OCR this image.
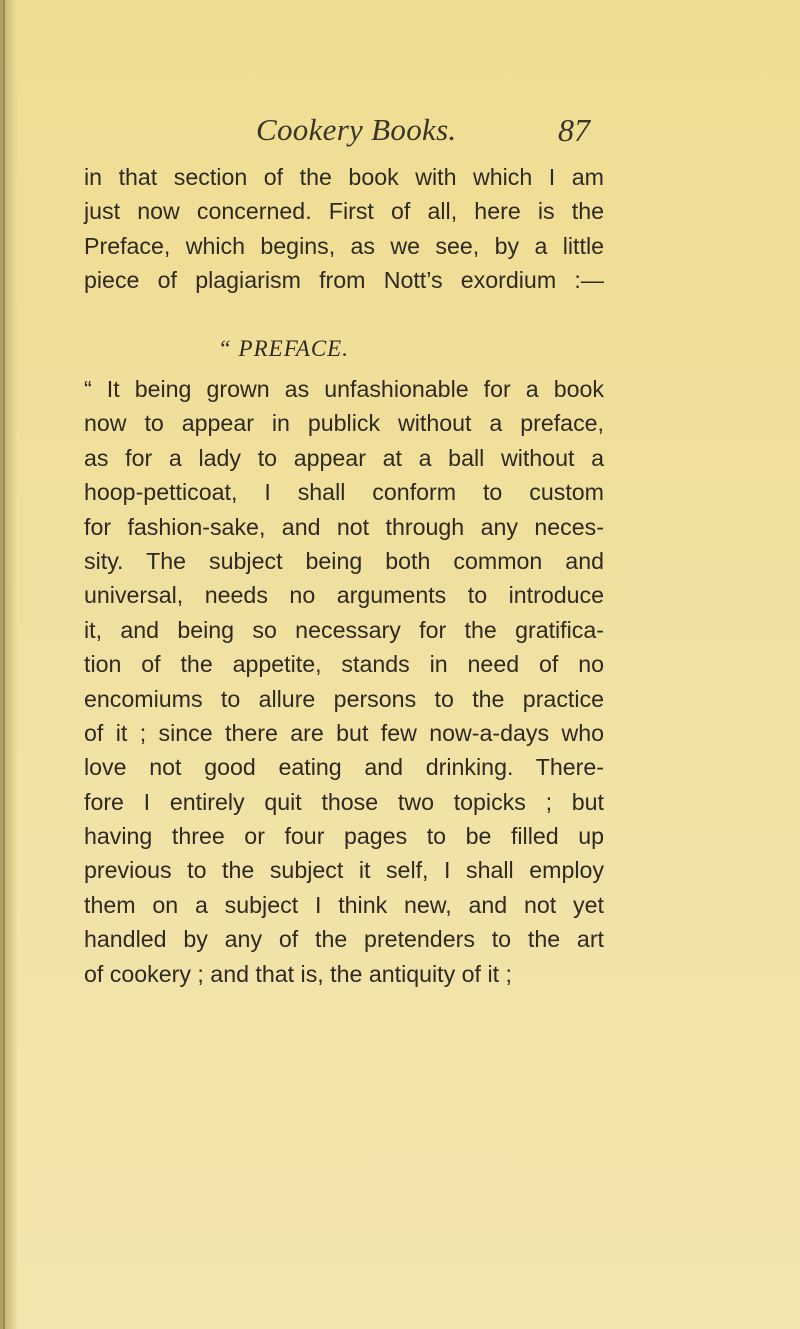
Cookery Books.	87
in that section of the book with which I am
just now concerned. First of all, here is the
Preface, which begins, as we see, by a little
piece of plagiarism from Nott’s exordium :—
“ PREFACE.
“ It being grown as unfashionable for a book
now to appear in publick without a preface,
as for a lady to appear at a ball without a
hoop-petticoat, I shall conform to custom
for fashion-sake, and not through any neces-
sity. The subject being both common and
universal, needs no arguments to introduce
it, and being so necessary for the gratifica-
tion of the appetite, stands in need of no
encomiums to allure persons to the practice
of it ; since there are but few now-a-days who
love not good eating and drinking. There-
fore I entirely quit those two topicks ; but
having three or four pages to be filled up
previous to the subject it self, I shall employ
them on a subject I think new, and not yet
handled by any of the pretenders to the art
of cookery ; and that is, the antiquity of it ;
